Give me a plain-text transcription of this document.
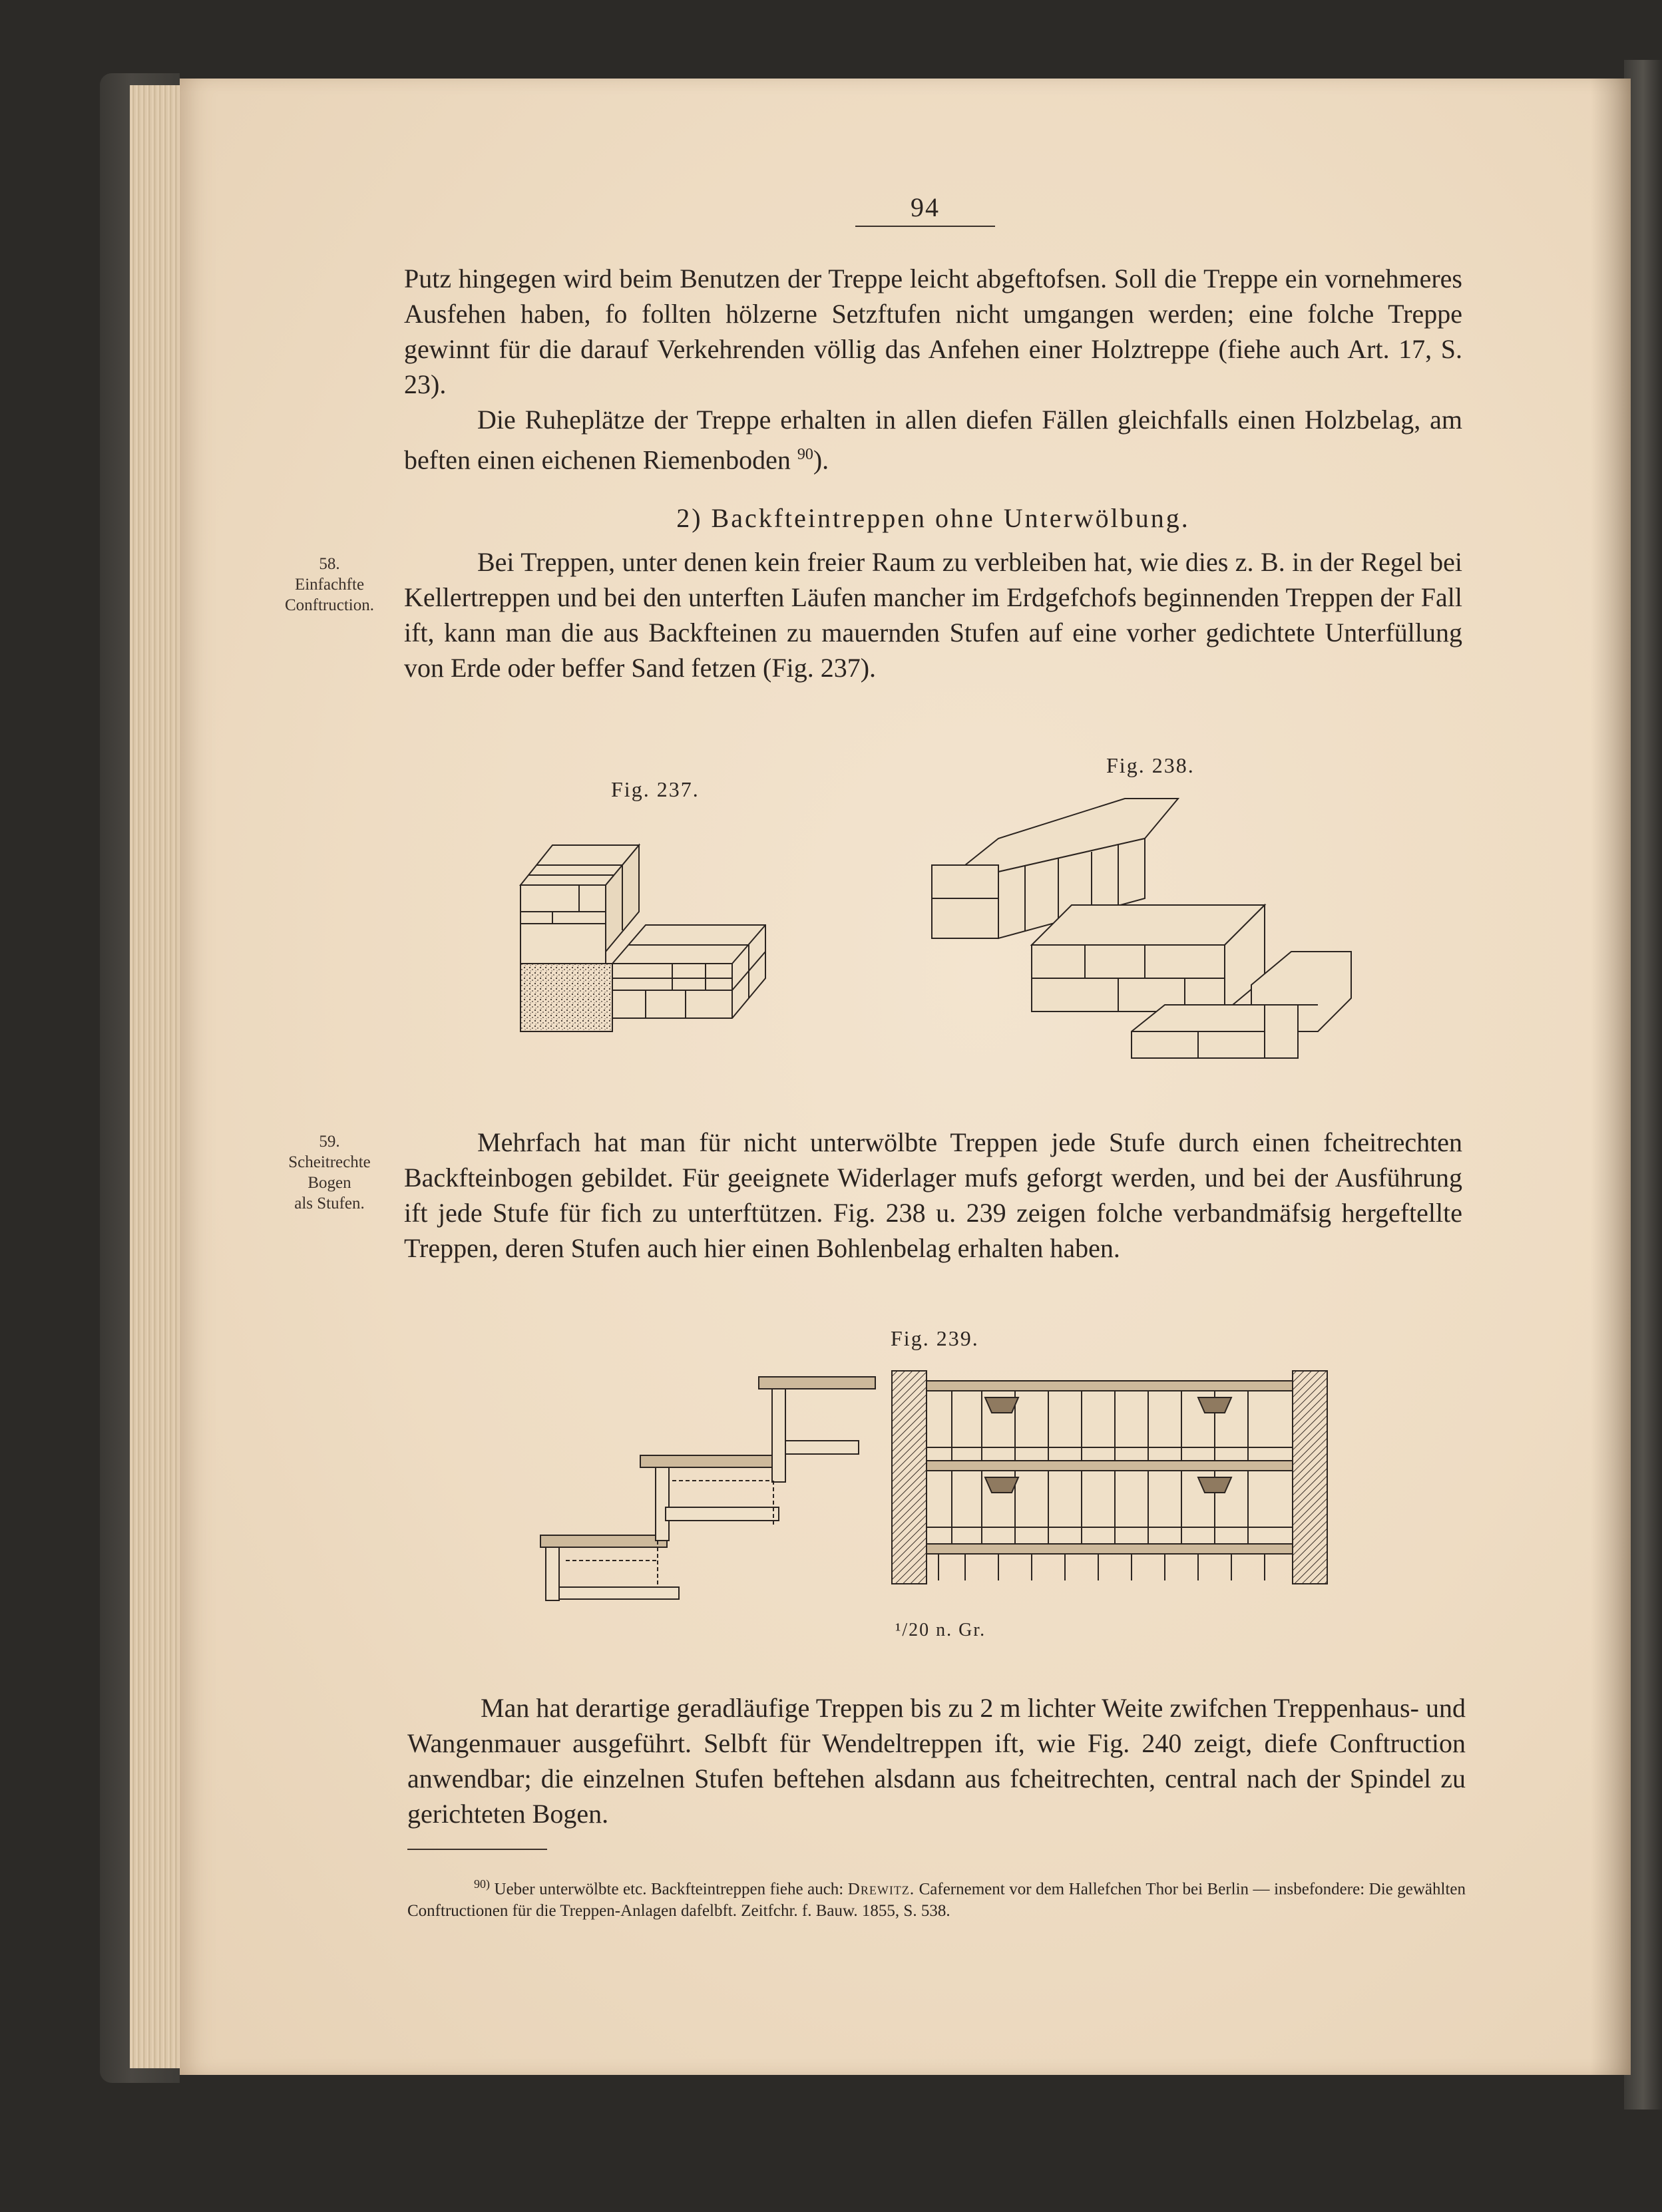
94

Putz hingegen wird beim Benutzen der Treppe leicht abgeftofsen. Soll die Treppe ein vornehmeres Ausfehen haben, fo follten hölzerne Setzftufen nicht umgangen werden; eine folche Treppe gewinnt für die darauf Verkehrenden völlig das Anfehen einer Holztreppe (fiehe auch Art. 17, S. 23).

Die Ruheplätze der Treppe erhalten in allen diefen Fällen gleichfalls einen Holzbelag, am beften einen eichenen Riemenboden $^{90}$).

2) Backfteintreppen ohne Unterwölbung.
58.
Einfachfte
Conftruction.

Bei Treppen, unter denen kein freier Raum zu verbleiben hat, wie dies z. B. in der Regel bei Kellertreppen und bei den unterften Läufen mancher im Erdgefchofs beginnenden Treppen der Fall ift, kann man die aus Backfteinen zu mauernden Stufen auf eine vorher gedichtete Unterfüllung von Erde oder beffer Sand fetzen (Fig. 237).

Fig. 237.
Fig. 238.
59.
Scheitrechte
Bogen
als Stufen.

Mehrfach hat man für nicht unterwölbte Treppen jede Stufe durch einen fcheitrechten Backfteinbogen gebildet. Für geeignete Widerlager mufs geforgt werden, und bei der Ausführung ift jede Stufe für fich zu unterftützen. Fig. 238 u. 239 zeigen folche verbandmäfsig hergeftellte Treppen, deren Stufen auch hier einen Bohlenbelag erhalten haben.

Fig. 239.
¹/20 n. Gr.

Man hat derartige geradläufige Treppen bis zu 2 m lichter Weite zwifchen Treppenhaus- und Wangenmauer ausgeführt. Selbft für Wendeltreppen ift, wie Fig. 240 zeigt, diefe Conftruction anwendbar; die einzelnen Stufen beftehen alsdann aus fcheitrechten, central nach der Spindel zu gerichteten Bogen.

$^{90)}$ Ueber unterwölbte etc. Backfteintreppen fiehe auch: Drewitz. Cafernement vor dem Hallefchen Thor bei Berlin — insbefondere: Die gewählten Conftructionen für die Treppen-Anlagen dafelbft. Zeitfchr. f. Bauw. 1855, S. 538.
